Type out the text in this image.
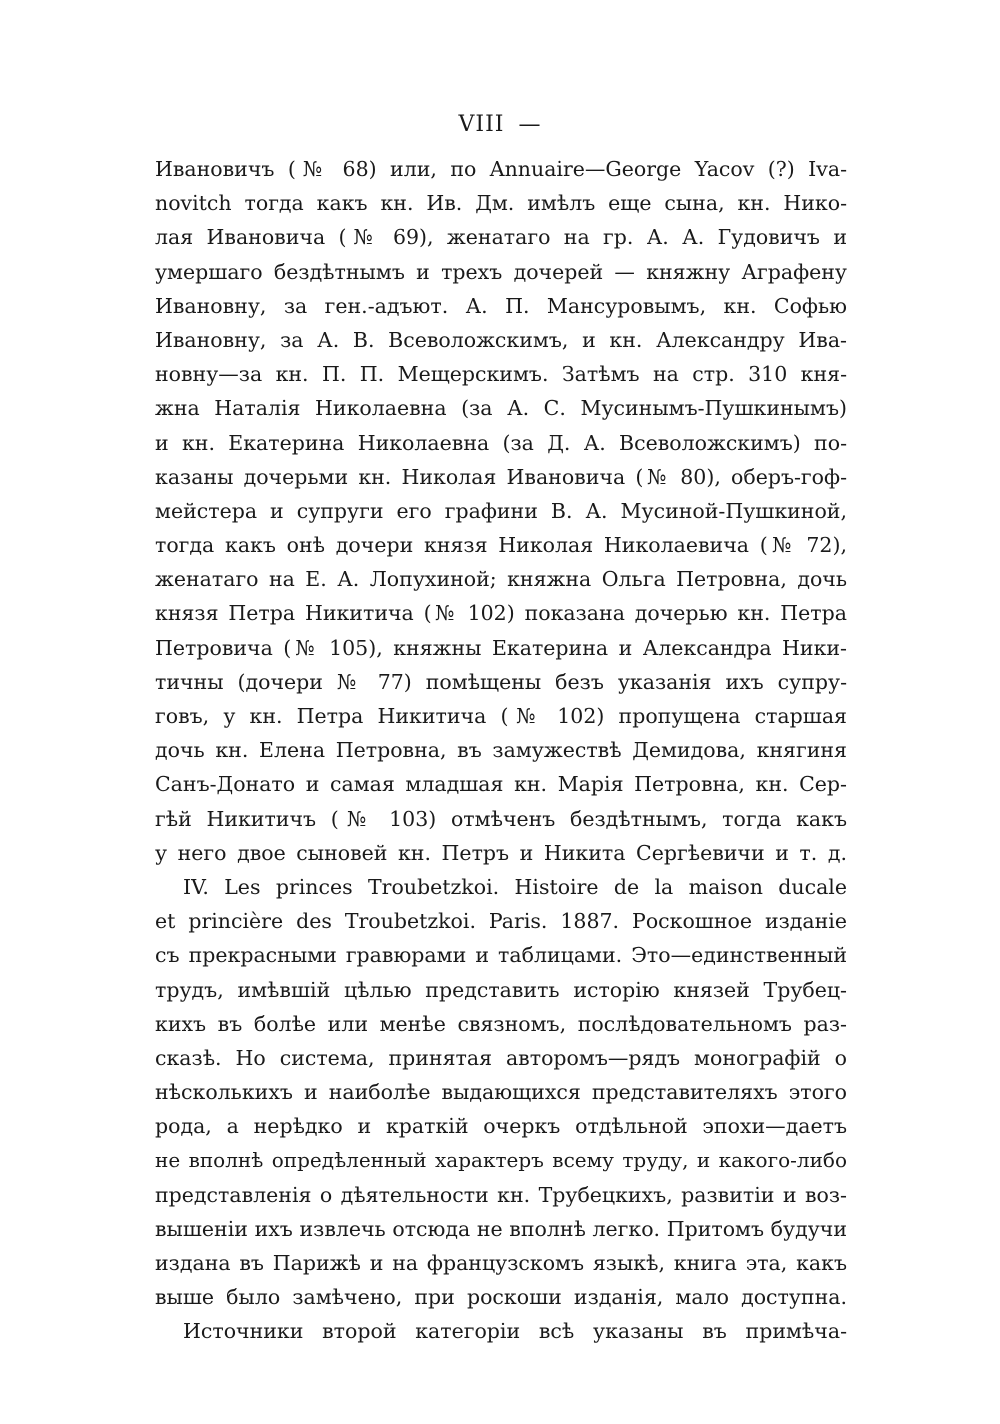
VIII —
Ивановичъ (№ 68) или, по Annuaire—George Yacov (?) Iva-
novitch тогда какъ кн. Ив. Дм. имѣлъ еще сына, кн. Нико-
лая Ивановича (№ 69), женатаго на гр. А. А. Гудовичъ и
умершаго бездѣтнымъ и трехъ дочерей — княжну Аграфену
Ивановну, за ген.-адъют. А. П. Мансуровымъ, кн. Софью
Ивановну, за А. В. Всеволожскимъ, и кн. Александру Ива-
новну—за кн. П. П. Мещерскимъ. Затѣмъ на стр. 310 кня-
жна Наталія Николаевна (за А. С. Мусинымъ-Пушкинымъ)
и кн. Екатерина Николаевна (за Д. А. Всеволожскимъ) по-
казаны дочерьми кн. Николая Ивановича (№ 80), оберъ-гоф-
мейстера и супруги его графини В. А. Мусиной-Пушкиной,
тогда какъ онѣ дочери князя Николая Николаевича (№ 72),
женатаго на Е. А. Лопухиной; княжна Ольга Петровна, дочь
князя Петра Никитича (№ 102) показана дочерью кн. Петра
Петровича (№ 105), княжны Екатерина и Александра Ники-
тичны (дочери № 77) помѣщены безъ указанія ихъ супру-
говъ, у кн. Петра Никитича (№ 102) пропущена старшая
дочь кн. Елена Петровна, въ замужествѣ Демидова, княгиня
Санъ-Донато и самая младшая кн. Марія Петровна, кн. Сер-
гѣй Никитичъ (№ 103) отмѣченъ бездѣтнымъ, тогда какъ
у него двое сыновей кн. Петръ и Никита Сергѣевичи и т. д.
IV. Les princes Troubetzkoi. Histoire de la maison ducale
et princière des Troubetzkoi. Paris. 1887. Роскошное изданіе
съ прекрасными гравюрами и таблицами. Это—единственный
трудъ, имѣвшій цѣлью представить исторію князей Трубец-
кихъ въ болѣе или менѣе связномъ, послѣдовательномъ раз-
сказѣ. Но система, принятая авторомъ—рядъ монографій о
нѣсколькихъ и наиболѣе выдающихся представителяхъ этого
рода, а нерѣдко и краткій очеркъ отдѣльной эпохи—даетъ
не вполнѣ опредѣленный характеръ всему труду, и какого-либо
представленія о дѣятельности кн. Трубецкихъ, развитіи и воз-
вышеніи ихъ извлечь отсюда не вполнѣ легко. Притомъ будучи
издана въ Парижѣ и на французскомъ языкѣ, книга эта, какъ
выше было замѣчено, при роскоши изданія, мало доступна.
Источники второй категоріи всѣ указаны въ примѣча-
